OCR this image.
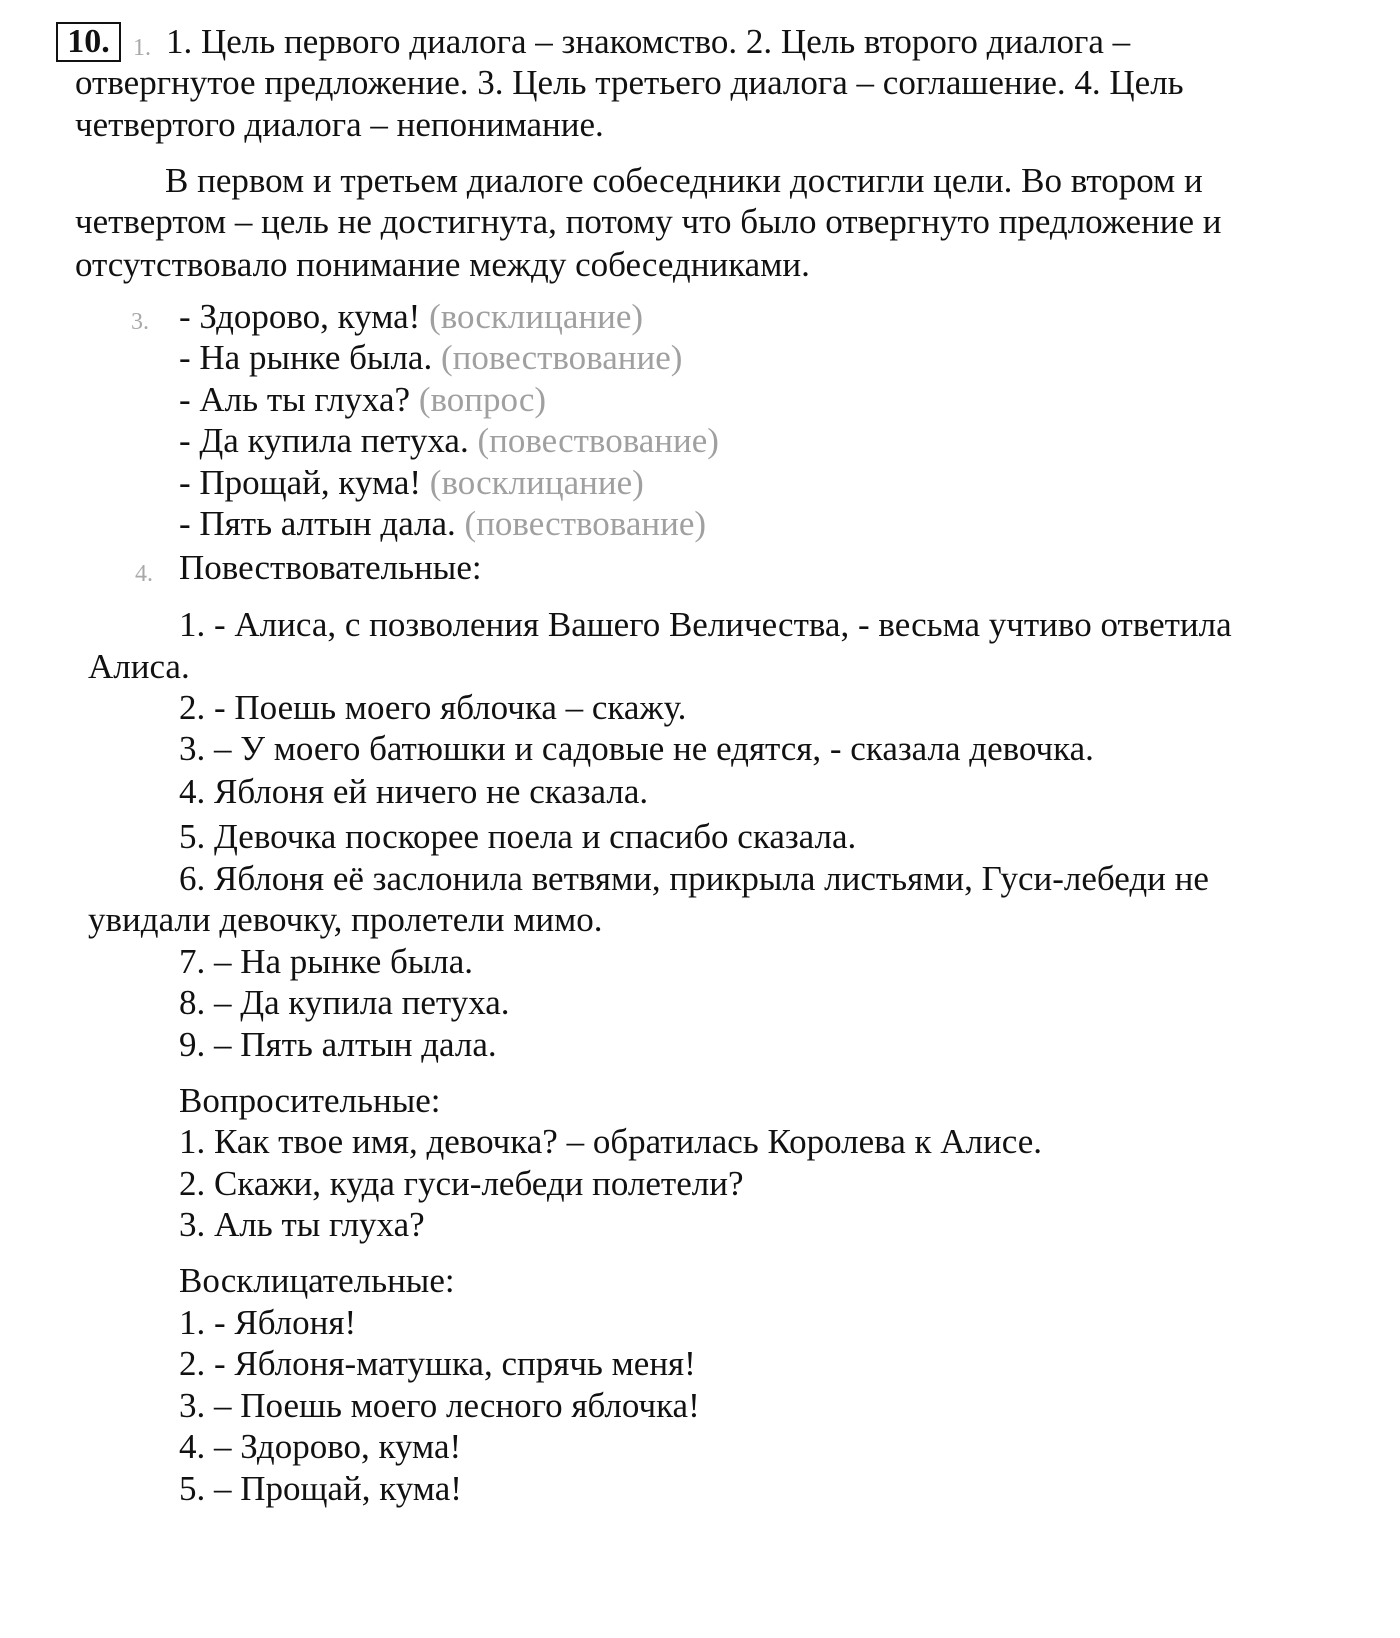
10. 1. 1. Цель первого диалога – знакомство. 2. Цель второго диалога –
отвергнутое предложение. 3. Цель третьего диалога – соглашение. 4. Цель
четвертого диалога – непонимание.
В первом и третьем диалоге собеседники достигли цели. Во втором и
четвертом – цель не достигнута, потому что было отвергнуто предложение и
отсутствовало понимание между собеседниками.
3. - Здорово, кума! (восклицание)
- На рынке была. (повествование)
- Аль ты глуха? (вопрос)
- Да купила петуха. (повествование)
- Прощай, кума! (восклицание)
- Пять алтын дала. (повествование)
4. Повествовательные:
1. - Алиса, с позволения Вашего Величества, - весьма учтиво ответила
Алиса.
2. - Поешь моего яблочка – скажу.
3. – У моего батюшки и садовые не едятся, - сказала девочка.
4. Яблоня ей ничего не сказала.
5. Девочка поскорее поела и спасибо сказала.
6. Яблоня её заслонила ветвями, прикрыла листьями, Гуси-лебеди не
увидали девочку, пролетели мимо.
7. – На рынке была.
8. – Да купила петуха.
9. – Пять алтын дала.
Вопросительные:
1. Как твое имя, девочка? – обратилась Королева к Алисе.
2. Скажи, куда гуси-лебеди полетели?
3. Аль ты глуха?
Восклицательные:
1. - Яблоня!
2. - Яблоня-матушка, спрячь меня!
3. – Поешь моего лесного яблочка!
4. – Здорово, кума!
5. – Прощай, кума!
